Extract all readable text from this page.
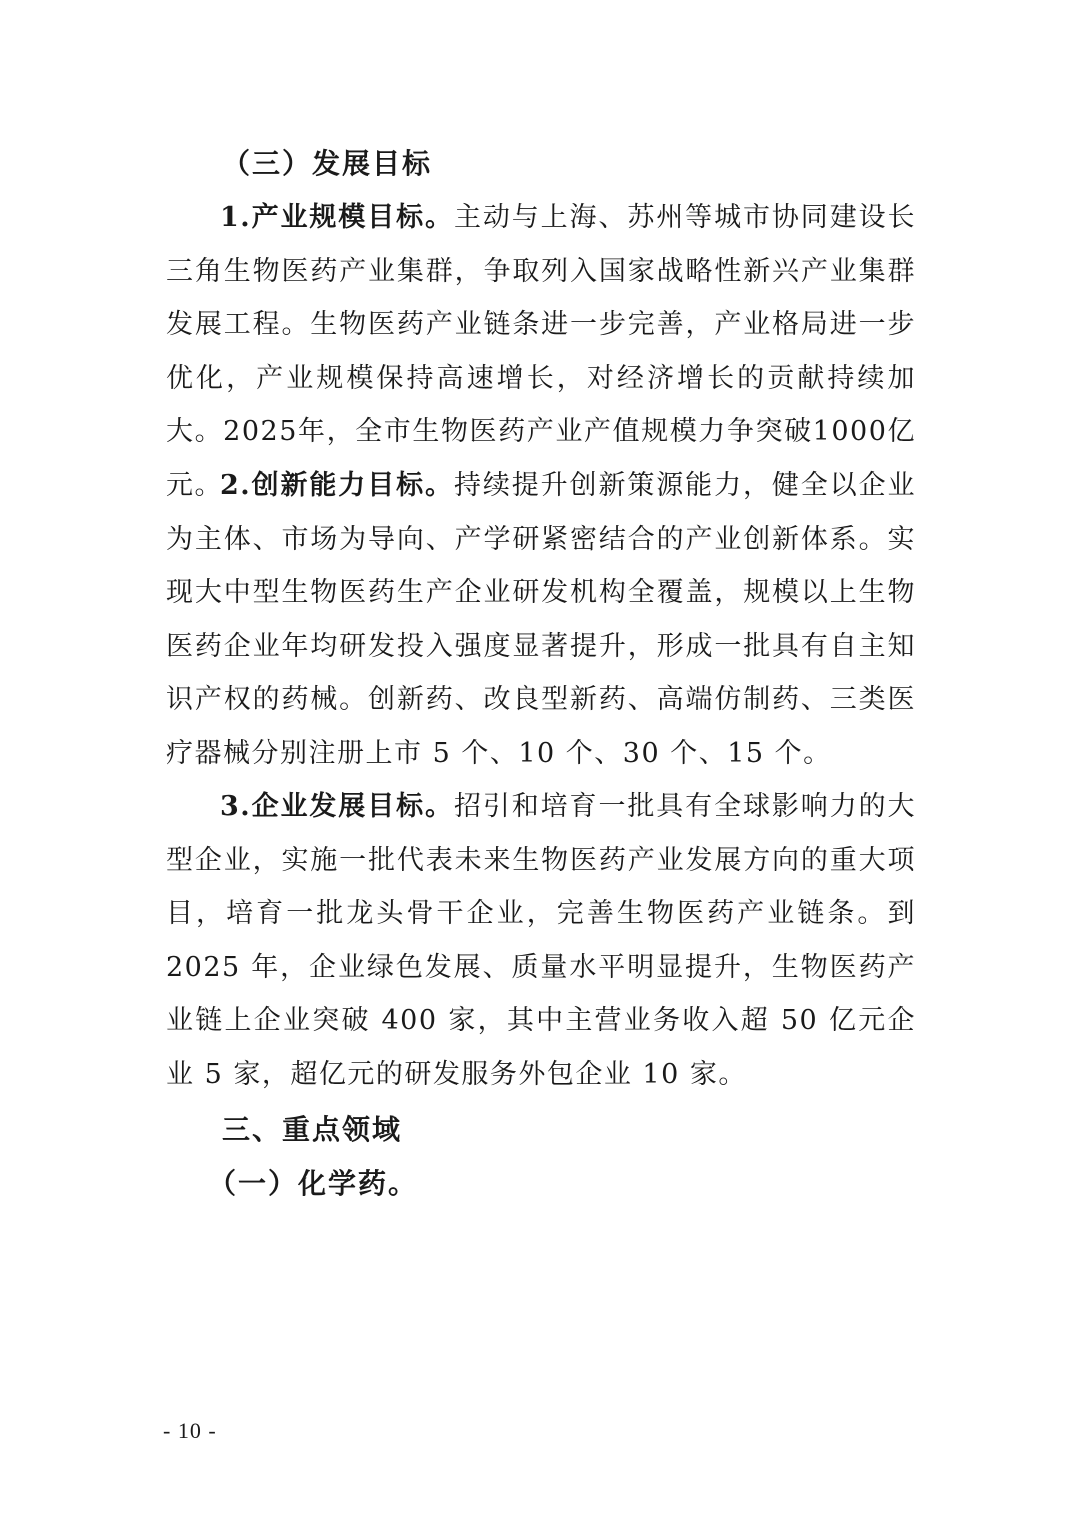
（三）发展目标

1.产业规模目标。主动与上海、苏州等城市协同建设长三角生物医药产业集群，争取列入国家战略性新兴产业集群发展工程。生物医药产业链条进一步完善，产业格局进一步优化，产业规模保持高速增长，对经济增长的贡献持续加大。2025年，全市生物医药产业产值规模力争突破1000亿元。

2.创新能力目标。持续提升创新策源能力，健全以企业为主体、市场为导向、产学研紧密结合的产业创新体系。实现大中型生物医药生产企业研发机构全覆盖，规模以上生物医药企业年均研发投入强度显著提升，形成一批具有自主知识产权的药械。创新药、改良型新药、高端仿制药、三类医疗器械分别注册上市 5 个、10 个、30 个、15 个。

3.企业发展目标。招引和培育一批具有全球影响力的大型企业，实施一批代表未来生物医药产业发展方向的重大项目，培育一批龙头骨干企业，完善生物医药产业链条。到 2025 年，企业绿色发展、质量水平明显提升，生物医药产业链上企业突破 400 家，其中主营业务收入超 50 亿元企业 5 家，超亿元的研发服务外包企业 10 家。

三、重点领域
（一）化学药。
- 10 -
